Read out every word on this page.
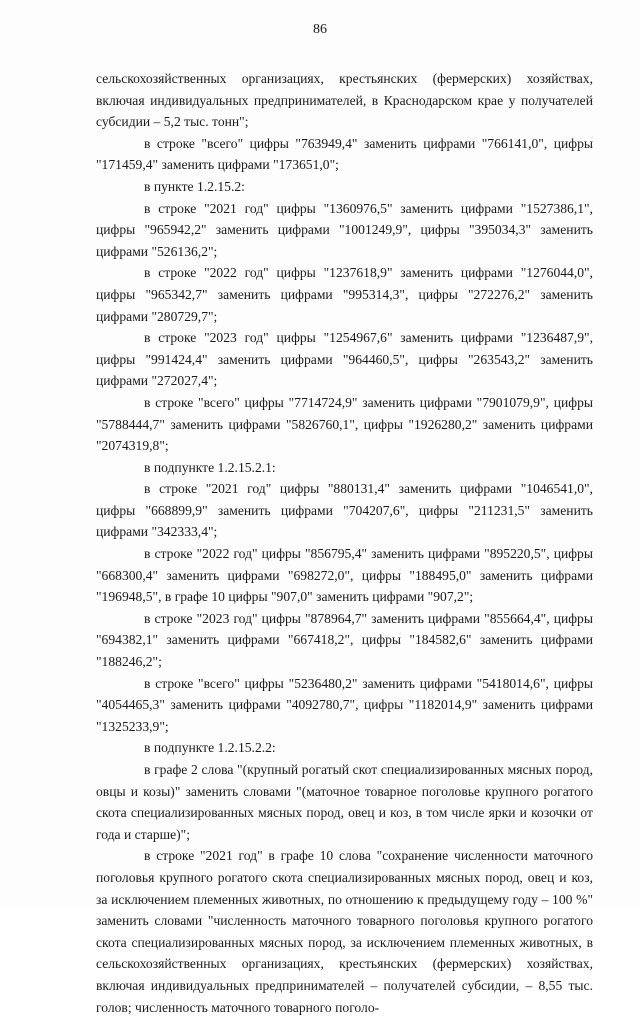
86

сельскохозяйственных организациях, крестьянских (фермерских) хозяйствах, включая индивидуальных предпринимателей, в Краснодарском крае у получателей субсидии – 5,2 тыс. тонн";

в строке "всего" цифры "763949,4" заменить цифрами "766141,0", цифры "171459,4" заменить цифрами "173651,0";

в пункте 1.2.15.2:

в строке "2021 год" цифры "1360976,5" заменить цифрами "1527386,1", цифры "965942,2" заменить цифрами "1001249,9", цифры "395034,3" заменить цифрами "526136,2";

в строке "2022 год" цифры "1237618,9" заменить цифрами "1276044,0", цифры "965342,7" заменить цифрами "995314,3", цифры "272276,2" заменить цифрами "280729,7";

в строке "2023 год" цифры "1254967,6" заменить цифрами "1236487,9", цифры "991424,4" заменить цифрами "964460,5", цифры "263543,2" заменить цифрами "272027,4";

в строке "всего" цифры "7714724,9" заменить цифрами "7901079,9", цифры "5788444,7" заменить цифрами "5826760,1", цифры "1926280,2" заменить цифрами "2074319,8";

в подпункте 1.2.15.2.1:

в строке "2021 год" цифры "880131,4" заменить цифрами "1046541,0", цифры "668899,9" заменить цифрами "704207,6", цифры "211231,5" заменить цифрами "342333,4";

в строке "2022 год" цифры "856795,4" заменить цифрами "895220,5", цифры "668300,4" заменить цифрами "698272,0", цифры "188495,0" заменить цифрами "196948,5", в графе 10 цифры "907,0" заменить цифрами "907,2";

в строке "2023 год" цифры "878964,7" заменить цифрами "855664,4", цифры "694382,1" заменить цифрами "667418,2", цифры "184582,6" заменить цифрами "188246,2";

в строке "всего" цифры "5236480,2" заменить цифрами "5418014,6", цифры "4054465,3" заменить цифрами "4092780,7", цифры "1182014,9" заменить цифрами "1325233,9";

в подпункте 1.2.15.2.2:

в графе 2 слова "(крупный рогатый скот специализированных мясных пород, овцы и козы)" заменить словами "(маточное товарное поголовье крупного рогатого скота специализированных мясных пород, овец и коз, в том числе ярки и козочки от года и старше)";

в строке "2021 год" в графе 10 слова "сохранение численности маточного поголовья крупного рогатого скота специализированных мясных пород, овец и коз, за исключением племенных животных, по отношению к предыдущему году – 100 %" заменить словами "численность маточного товарного поголовья крупного рогатого скота специализированных мясных пород, за исключением племенных животных, в сельскохозяйственных организациях, крестьянских (фермерских) хозяйствах, включая индивидуальных предпринимателей – получателей субсидии, – 8,55 тыс. голов; численность маточного товарного поголо-
